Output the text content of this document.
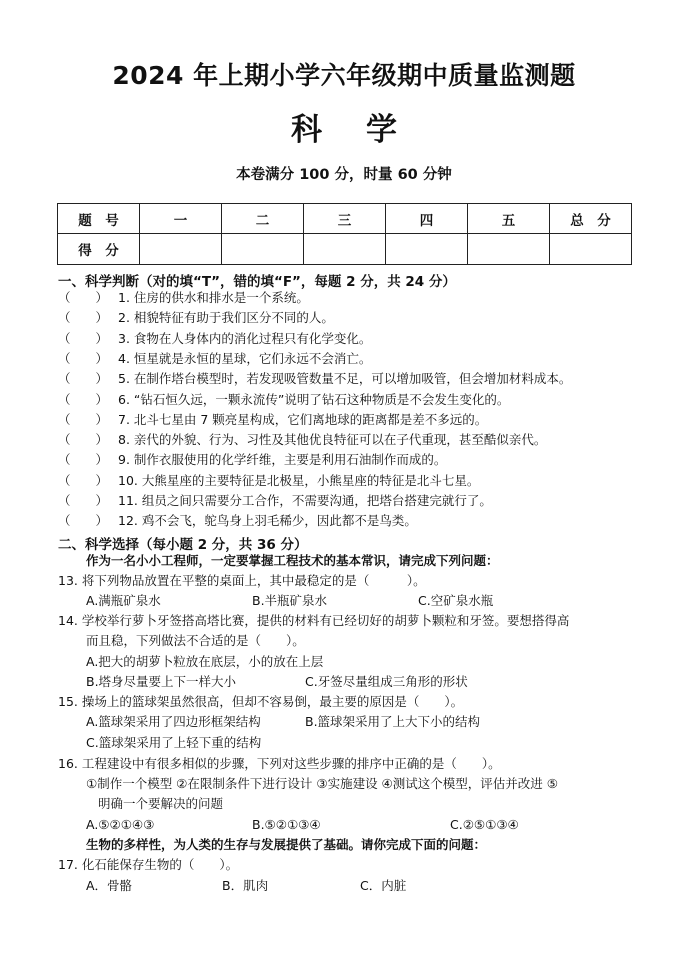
2024 年上期小学六年级期中质量监测题
科 学
本卷满分 100 分，时量 60 分钟
题　号	一	二	三	四	五	总　分
得　分						
一、科学判断（对的填“T”，错的填“F”，每题 2 分，共 24 分）
（　　） 1. 住房的供水和排水是一个系统。
（　　） 2. 相貌特征有助于我们区分不同的人。
（　　） 3. 食物在人身体内的消化过程只有化学变化。
（　　） 4. 恒星就是永恒的星球，它们永远不会消亡。
（　　） 5. 在制作塔台模型时，若发现吸管数量不足，可以增加吸管，但会增加材料成本。
（　　） 6. “钻石恒久远，一颗永流传”说明了钻石这种物质是不会发生变化的。
（　　） 7. 北斗七星由 7 颗亮星构成，它们离地球的距离都是差不多远的。
（　　） 8. 亲代的外貌、行为、习性及其他优良特征可以在子代重现，甚至酷似亲代。
（　　） 9. 制作衣服使用的化学纤维，主要是利用石油制作而成的。
（　　） 10. 大熊星座的主要特征是北极星，小熊星座的特征是北斗七星。
（　　） 11. 组员之间只需要分工合作，不需要沟通，把塔台搭建完就行了。
（　　） 12. 鸡不会飞，鸵鸟身上羽毛稀少，因此都不是鸟类。
二、科学选择（每小题 2 分，共 36 分）
作为一名小小工程师，一定要掌握工程技术的基本常识，请完成下列问题：
13. 将下列物品放置在平整的桌面上，其中最稳定的是（　　　）。
A.满瓶矿泉水	B.半瓶矿泉水	C.空矿泉水瓶
14. 学校举行萝卜牙签搭高塔比赛，提供的材料有已经切好的胡萝卜颗粒和牙签。要想搭得高
而且稳，下列做法不合适的是（　　）。
A.把大的胡萝卜粒放在底层，小的放在上层
B.塔身尽量要上下一样大小	C.牙签尽量组成三角形的形状
15. 操场上的篮球架虽然很高，但却不容易倒，最主要的原因是（　　）。
A.篮球架采用了四边形框架结构	B.篮球架采用了上大下小的结构
C.篮球架采用了上轻下重的结构
16. 工程建设中有很多相似的步骤，下列对这些步骤的排序中正确的是（　　）。
①制作一个模型 ②在限制条件下进行设计 ③实施建设 ④测试这个模型，评估并改进 ⑤
明确一个要解决的问题
A.⑤②①④③	B.⑤②①③④	C.②⑤①③④
生物的多样性，为人类的生存与发展提供了基础。请你完成下面的问题：
17. 化石能保存生物的（　　）。
A．骨骼	B．肌肉	C．内脏
